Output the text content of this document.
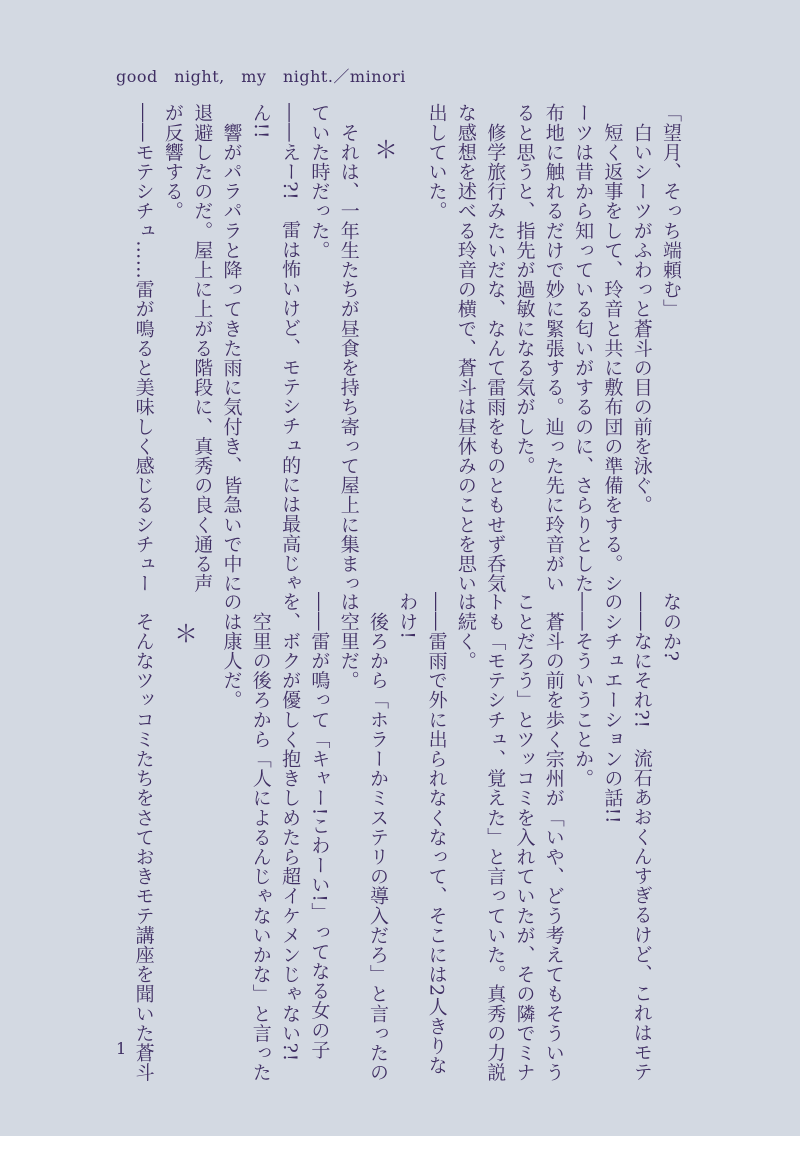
good　night,　my　night.／minori
「望月、そっち端頼む」
　白いシーツがふわっと蒼斗の目の前を泳ぐ。
　短く返事をして、玲音と共に敷布団の準備をする。シ
ーツは昔から知っている匂いがするのに、さらりとした
布地に触れるだけで妙に緊張する。辿った先に玲音がい
ると思うと、指先が過敏になる気がした。
　修学旅行みたいだな、なんて雷雨をものともせず呑気
な感想を述べる玲音の横で、蒼斗は昼休みのことを思い
出していた。
　それは、一年生たちが昼食を持ち寄って屋上に集まっ
ていた時だった。
――えー?!　雷は怖いけど、モテシチュ的には最高じゃ
ん!!
　響がパラパラと降ってきた雨に気付き、皆急いで中に
退避したのだ。屋上に上がる階段に、真秀の良く通る声
が反響する。
――モテシチュ……雷が鳴ると美味しく感じるシチュー
なのか?
――なにそれ?!　流石あおくんすぎるけど、これはモテ
のシチュエーションの話!!
――そういうことか。
　蒼斗の前を歩く宗州が「いや、どう考えてもそういう
ことだろう」とツッコミを入れていたが、その隣でミナ
トも「モテシチュ、覚えた」と言っていた。真秀の力説
は続く。
――雷雨で外に出られなくなって、そこには2人きりな
わけ!
　後ろから「ホラーかミステリの導入だろ」と言ったの
は空里だ。
――雷が鳴って「キャー!こわーい!」ってなる女の子
を、ボクが優しく抱きしめたら超イケメンじゃない?!
　空里の後ろから「人によるんじゃないかな」と言った
のは康人だ。
　そんなツッコミたちをさておきモテ講座を聞いた蒼斗
＊
＊
1
